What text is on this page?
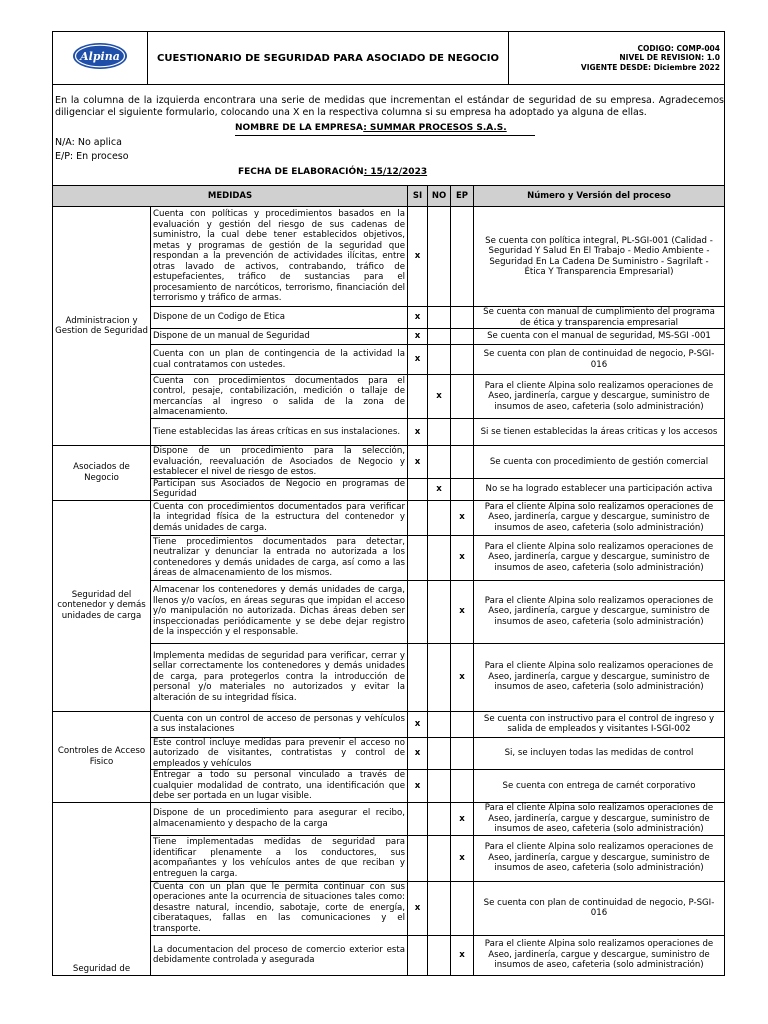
Alpina	CUESTIONARIO DE SEGURIDAD PARA ASOCIADO DE NEGOCIO	
CODIGO: COMP-004
NIVEL DE REVISION: 1.0
VIGENTE DESDE: Diciembre 2022

En la columna de la izquierda encontrara una serie de medidas que incrementan el estándar de seguridad de su empresa. Agradecemos diligenciar el siguiente formulario, colocando una X en la respectiva columna si su empresa ha adoptado ya alguna de ellas.

NOMBRE DE LA EMPRESA: SUMMAR PROCESOS S.A.S.

N/A: No aplica

E/P: En proceso

FECHA DE ELABORACIÓN: 15/12/2023

MEDIDAS		SI	NO	EP	Número y Versión del proceso
Administracion y Gestion de Seguridad	Cuenta con políticas y procedimientos basados en la evaluación y gestión del riesgo de sus cadenas de suministro, la cual debe tener establecidos objetivos, metas y programas de gestión de la seguridad que respondan a la prevención de actividades ilícitas, entre otras lavado de activos, contrabando, tráfico de estupefacientes, tráfico de sustancias para el procesamiento de narcóticos, terrorismo, financiación del terrorismo y tráfico de armas.	x			Se cuenta con política integral, PL-SGI-001 (Calidad - Seguridad Y Salud En El Trabajo - Medio Ambiente - Seguridad En La Cadena De Suministro - Sagrilaft - Ética Y Transparencia Empresarial)
	Dispone de un Codigo de Etica	x			Se cuenta con manual de cumplimiento del programa de ética y transparencia empresarial
	Dispone de un manual de Seguridad	x			Se cuenta con el manual de seguridad, MS-SGI -001
	Cuenta con un plan de contingencia de la actividad la cual contratamos con ustedes.	x			Se cuenta con plan de continuidad de negocio, P-SGI-016
	Cuenta con procedimientos documentados para el control, pesaje, contabilización, medición o tallaje de mercancías al ingreso o salida de la zona de almacenamiento.		x		Para el cliente Alpina solo realizamos operaciones de Aseo, jardinería, cargue y descargue, suministro de insumos de aseo, cafeteria (solo administración)
	Tiene establecidas las áreas críticas en sus instalaciones.	x			Si se tienen establecidas la áreas criticas y los accesos
Asociados de Negocio	Dispone de un procedimiento para la selección, evaluación, reevaluación de Asociados de Negocio y establecer el nivel de riesgo de estos.	x			Se cuenta con procedimiento de gestión comercial
	Participan sus Asociados de Negocio en programas de Seguridad		x		No se ha logrado establecer una participación activa
Seguridad del contenedor y demás unidades de carga	Cuenta con procedimientos documentados para verificar la integridad física de la estructura del contenedor y demás unidades de carga.			x	Para el cliente Alpina solo realizamos operaciones de Aseo, jardinería, cargue y descargue, suministro de insumos de aseo, cafeteria (solo administración)
	Tiene procedimientos documentados para detectar, neutralizar y denunciar la entrada no autorizada a los contenedores y demás unidades de carga, así como a las áreas de almacenamiento de los mismos.			x	Para el cliente Alpina solo realizamos operaciones de Aseo, jardinería, cargue y descargue, suministro de insumos de aseo, cafeteria (solo administración)
	Almacenar los contenedores y demás unidades de carga, llenos y/o vacíos, en áreas seguras que impidan el acceso y/o manipulación no autorizada. Dichas áreas deben ser inspeccionadas periódicamente y se debe dejar registro de la inspección y el responsable.			x	Para el cliente Alpina solo realizamos operaciones de Aseo, jardinería, cargue y descargue, suministro de insumos de aseo, cafeteria (solo administración)
	Implementa medidas de seguridad para verificar, cerrar y sellar correctamente los contenedores y demás unidades de carga, para protegerlos contra la introducción de personal y/o materiales no autorizados y evitar la alteración de su integridad física.			x	Para el cliente Alpina solo realizamos operaciones de Aseo, jardinería, cargue y descargue, suministro de insumos de aseo, cafeteria (solo administración)
Controles de Acceso Fisico	Cuenta con un control de acceso de personas y vehículos a sus instalaciones	x			Se cuenta con instructivo para el control de ingreso y salida de empleados y visitantes I-SGI-002
	Este control incluye medidas para prevenir el acceso no autorizado de visitantes, contratistas y control de empleados y vehículos	x			Si, se incluyen todas las medidas de control
	Entregar a todo su personal vinculado a través de cualquier modalidad de contrato, una identificación que debe ser portada en un lugar visible.	x			Se cuenta con entrega de carnét corporativo
Seguridad de	Dispone de un procedimiento para asegurar el recibo, almacenamiento y despacho de la carga			x	Para el cliente Alpina solo realizamos operaciones de Aseo, jardinería, cargue y descargue, suministro de insumos de aseo, cafeteria (solo administración)
	Tiene implementadas medidas de seguridad para identificar plenamente a los conductores, sus acompañantes y los vehículos antes de que reciban y entreguen la carga.			x	Para el cliente Alpina solo realizamos operaciones de Aseo, jardinería, cargue y descargue, suministro de insumos de aseo, cafeteria (solo administración)
	Cuenta con un plan que le permita continuar con sus operaciones ante la ocurrencia de situaciones tales como: desastre natural, incendio, sabotaje, corte de energía, ciberataques, fallas en las comunicaciones y el transporte.	x			Se cuenta con plan de continuidad de negocio, P-SGI-016
	La documentacion del proceso de comercio exterior esta debidamente controlada y asegurada			x	Para el cliente Alpina solo realizamos operaciones de Aseo, jardinería, cargue y descargue, suministro de insumos de aseo, cafeteria (solo administración)
